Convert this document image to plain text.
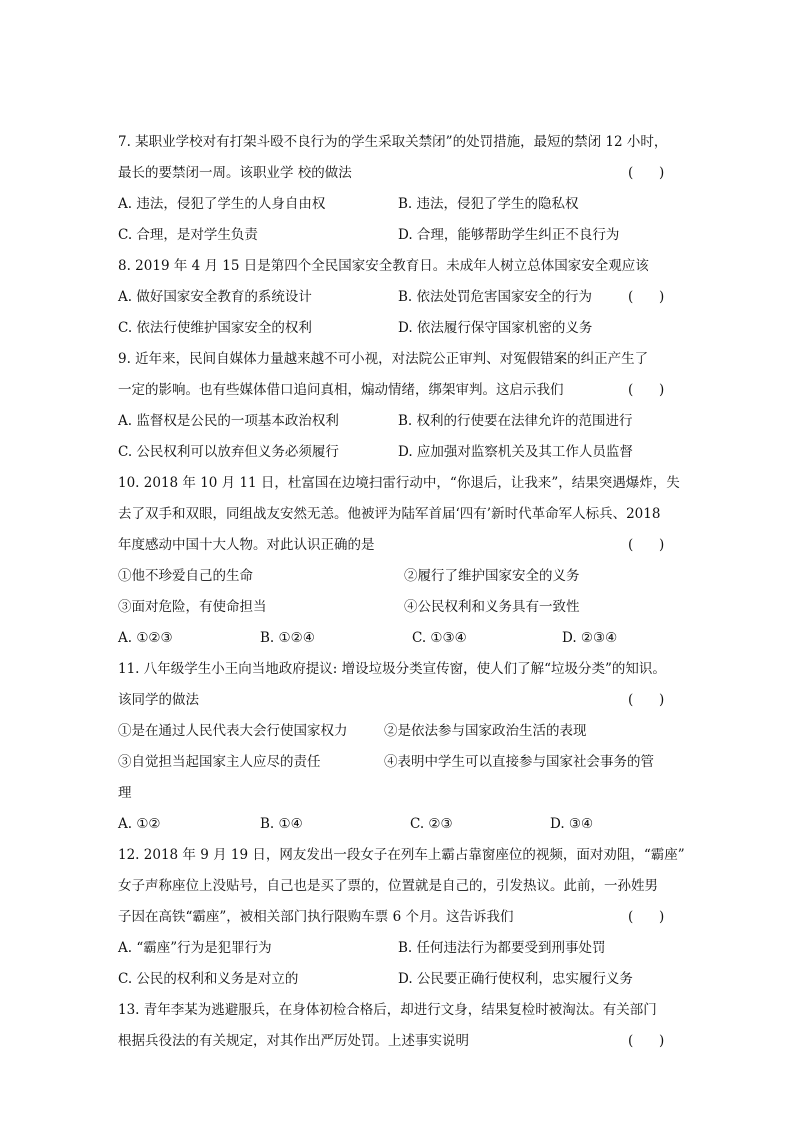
7. 某职业学校对有打架斗殴不良行为的学生采取关禁闭”的处罚措施，最短的禁闭 12 小时，
最长的要禁闭一周。该职业学 校的做法	(      )
A. 违法，侵犯了学生的人身自由权	B. 违法，侵犯了学生的隐私权
C. 合理，是对学生负责	D. 合理，能够帮助学生纠正不良行为
8. 2019 年 4 月 15 日是第四个全民国家安全教育日。未成年人树立总体国家安全观应该
A. 做好国家安全教育的系统设计	B. 依法处罚危害国家安全的行为	(      )
C. 依法行使维护国家安全的权利	D. 依法履行保守国家机密的义务
9. 近年来，民间自媒体力量越来越不可小视，对法院公正审判、对冤假错案的纠正产生了
一定的影响。也有些媒体借口追问真相，煽动情绪，绑架审判。这启示我们	(      )
A. 监督权是公民的一项基本政治权利	B. 权利的行使要在法律允许的范围进行
C. 公民权利可以放弃但义务必须履行	D. 应加强对监察机关及其工作人员监督
10. 2018 年 10 月 11 日，杜富国在边境扫雷行动中，“你退后，让我来”，结果突遇爆炸，失
去了双手和双眼，同组战友安然无恙。他被评为陆军首届‘四有’新时代革命军人标兵、2018
年度感动中国十大人物。对此认识正确的是	(      )
①他不珍爱自己的生命	②履行了维护国家安全的义务
③面对危险，有使命担当	④公民权利和义务具有一致性
A. ①②③	B. ①②④	C. ①③④	D. ②③④
11. 八年级学生小王向当地政府提议: 增设垃圾分类宣传窗，使人们了解“垃圾分类”的知识。
该同学的做法	(      )
①是在通过人民代表大会行使国家权力	②是依法参与国家政治生活的表现
③自觉担当起国家主人应尽的责任	④表明中学生可以直接参与国家社会事务的管
理
A. ①②	B. ①④	C. ②③	D. ③④
12. 2018 年 9 月 19 日，网友发出一段女子在列车上霸占靠窗座位的视频，面对劝阻，“霸座”
女子声称座位上没贴号，自己也是买了票的，位置就是自己的，引发热议。此前，一孙姓男
子因在高铁“霸座”，被相关部门执行限购车票 6 个月。这告诉我们	(      )
A. “霸座”行为是犯罪行为	B. 任何违法行为都要受到刑事处罚
C. 公民的权利和义务是对立的	D. 公民要正确行使权利，忠实履行义务
13. 青年李某为逃避服兵，在身体初检合格后，却进行文身，结果复检时被淘汰。有关部门
根据兵役法的有关规定，对其作出严厉处罚。上述事实说明	(      )
